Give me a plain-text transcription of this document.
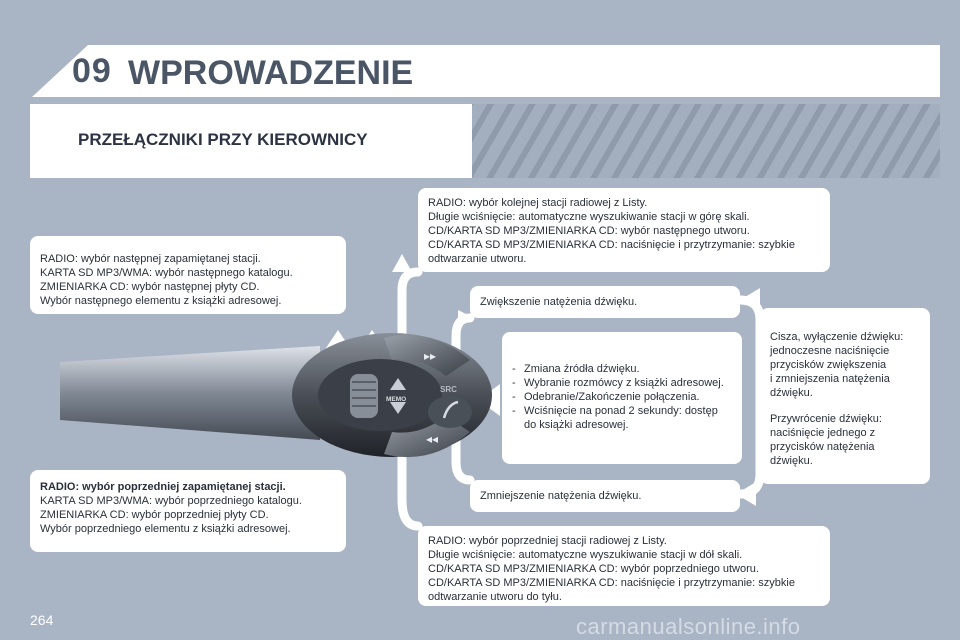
09 WPROWADZENIE
PRZEŁĄCZNIKI PRZY KIEROWNICY

RADIO: wybór następnej zapamiętanej stacji.

KARTA SD MP3/WMA: wybór następnego katalogu.

ZMIENIARKA CD: wybór następnej płyty CD.

Wybór następnego elementu z książki adresowej.

RADIO: wybór poprzedniej zapamiętanej stacji.

KARTA SD MP3/WMA: wybór poprzedniego katalogu.

ZMIENIARKA CD: wybór poprzedniej płyty CD.

Wybór poprzedniego elementu z książki adresowej.

RADIO: wybór kolejnej stacji radiowej z Listy.

Długie wciśnięcie: automatyczne wyszukiwanie stacji w górę skali.

CD/KARTA SD MP3/ZMIENIARKA CD: wybór następnego utworu.

CD/KARTA SD MP3/ZMIENIARKA CD: naciśnięcie i przytrzymanie: szybkie

odtwarzanie utworu.

Zwiększenie natężenia dźwięku.

- Zmiana źródła dźwięku.
- Wybranie rozmówcy z książki adresowej.
- Odebranie/Zakończenie połączenia.
- Wciśnięcie na ponad 2 sekundy: dostęp

do książki adresowej.

Cisza, wyłączenie dźwięku:

jednoczesne naciśnięcie

przycisków zwiększenia

i zmniejszenia natężenia

dźwięku.

Przywrócenie dźwięku:

naciśnięcie jednego z

przycisków natężenia

dźwięku.

Zmniejszenie natężenia dźwięku.

RADIO: wybór poprzedniej stacji radiowej z Listy.

Długie wciśnięcie: automatyczne wyszukiwanie stacji w dół skali.

CD/KARTA SD MP3/ZMIENIARKA CD: wybór poprzedniego utworu.

CD/KARTA SD MP3/ZMIENIARKA CD: naciśnięcie i przytrzymanie: szybkie

odtwarzanie utworu do tyłu.

▸▸
◂◂
SRC
MEMO
264	carmanualsonline.info
